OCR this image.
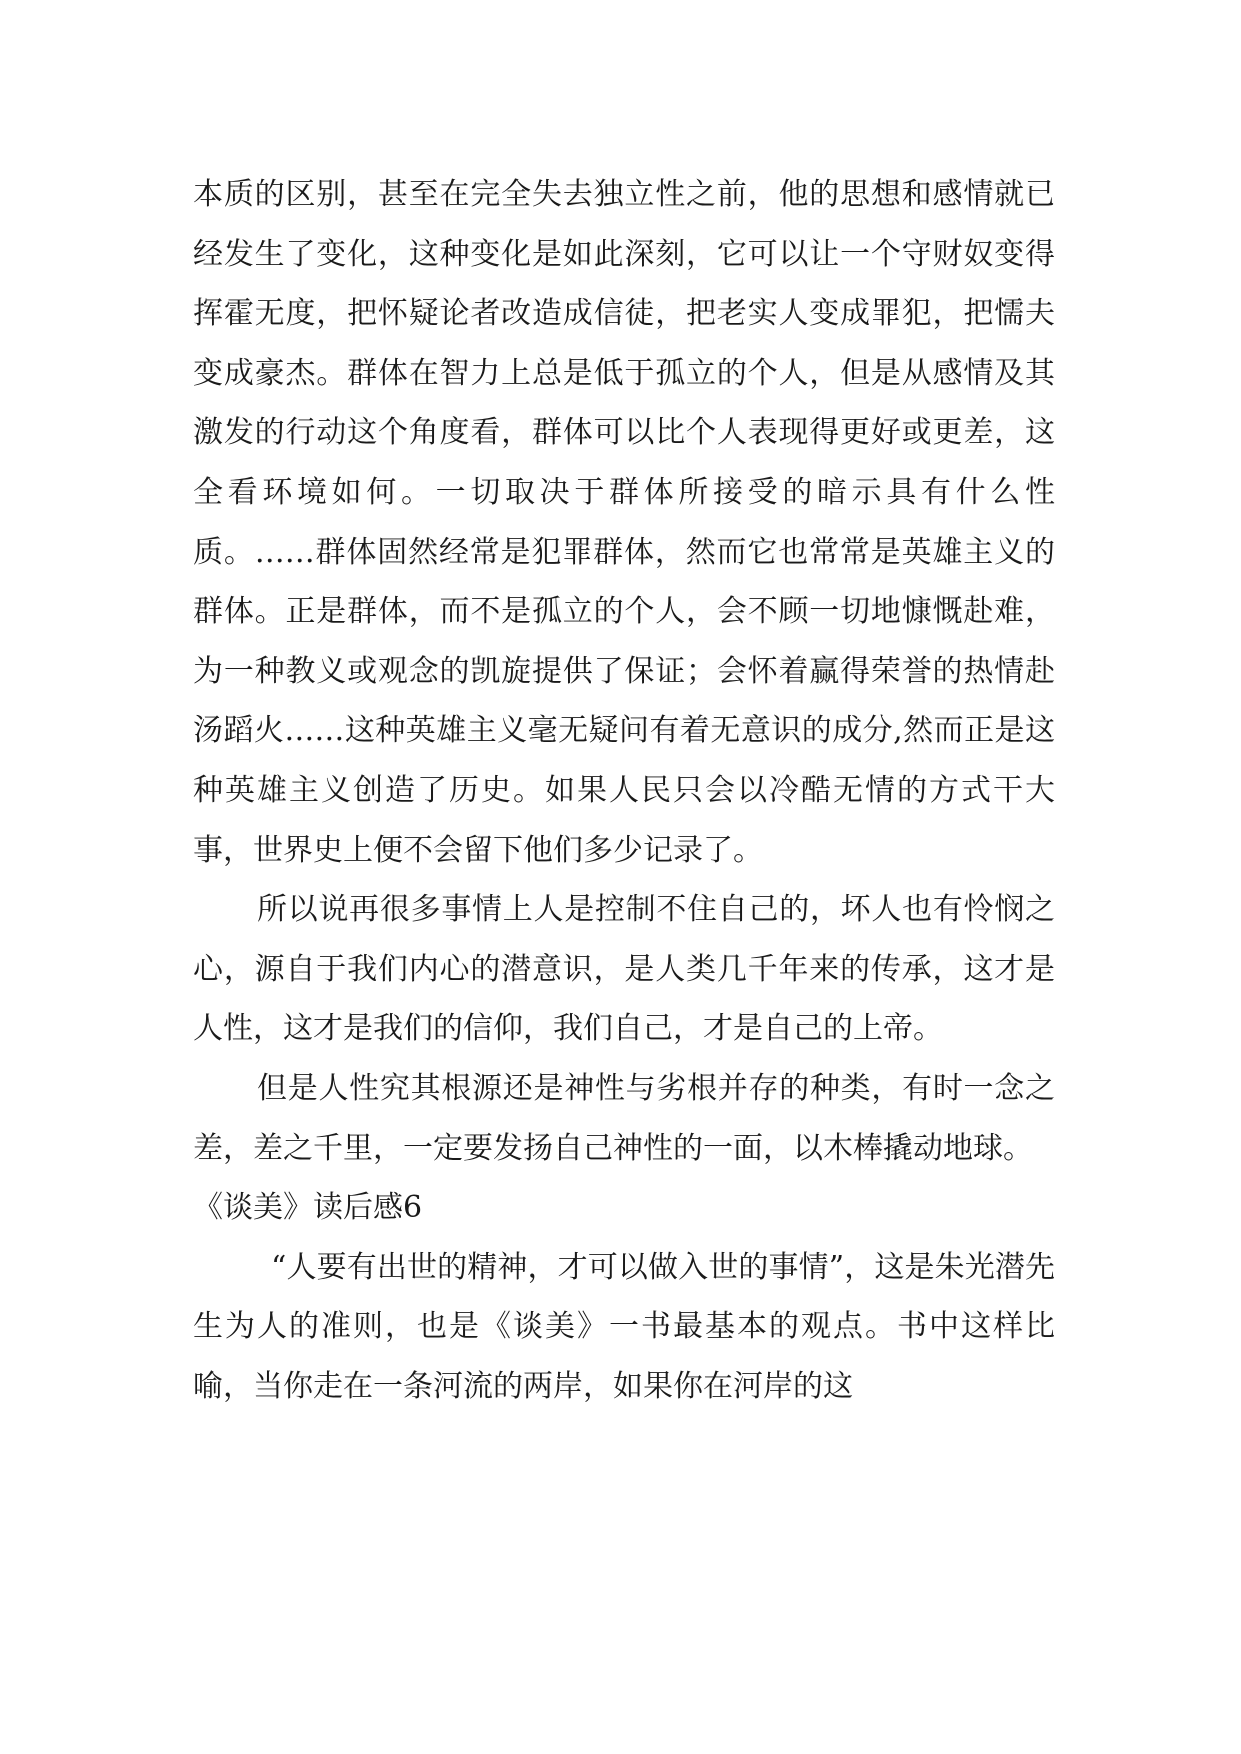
本质的区别，甚至在完全失去独立性之前，他的思想和感情就已经发生了变化，这种变化是如此深刻，它可以让一个守财奴变得挥霍无度，把怀疑论者改造成信徒，把老实人变成罪犯，把懦夫变成豪杰。群体在智力上总是低于孤立的个人，但是从感情及其激发的行动这个角度看，群体可以比个人表现得更好或更差，这全看环境如何。一切取决于群体所接受的暗示具有什么性质。……群体固然经常是犯罪群体，然而它也常常是英雄主义的群体。正是群体，而不是孤立的个人，会不顾一切地慷慨赴难，为一种教义或观念的凯旋提供了保证；会怀着赢得荣誉的热情赴汤蹈火……这种英雄主义毫无疑问有着无意识的成分,然而正是这种英雄主义创造了历史。如果人民只会以冷酷无情的方式干大事，世界史上便不会留下他们多少记录了。

所以说再很多事情上人是控制不住自己的，坏人也有怜悯之心，源自于我们内心的潜意识，是人类几千年来的传承，这才是人性，这才是我们的信仰，我们自己，才是自己的上帝。

但是人性究其根源还是神性与劣根并存的种类，有时一念之差，差之千里，一定要发扬自己神性的一面，以木棒撬动地球。

《谈美》读后感6

“人要有出世的精神，才可以做入世的事情”，这是朱光潜先生为人的准则，也是《谈美》一书最基本的观点。书中这样比喻，当你走在一条河流的两岸，如果你在河岸的这
